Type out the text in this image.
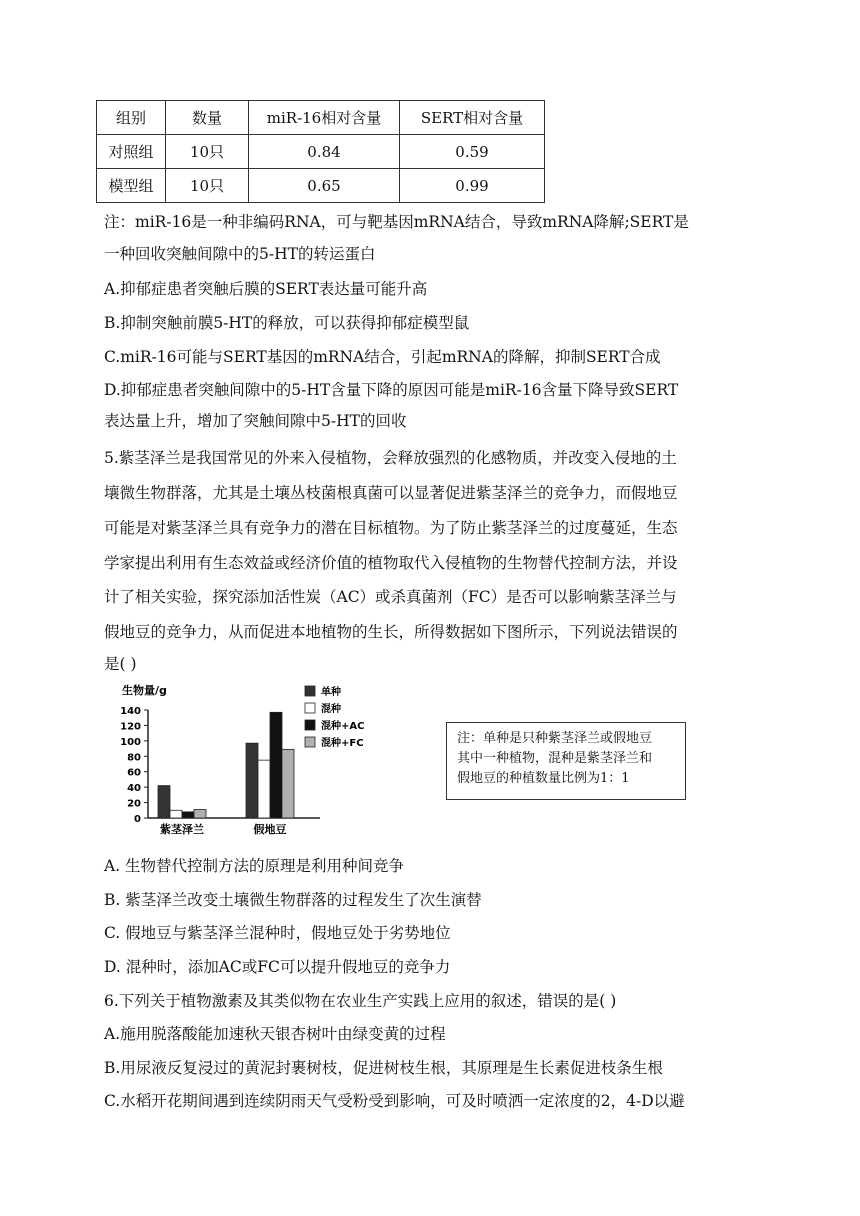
组别	数量	miR-16相对含量	SERT相对含量
对照组	10只	0.84	0.59
模型组	10只	0.65	0.99
注：miR-16是一种非编码RNA，可与靶基因mRNA结合，导致mRNA降解;SERT是
一种回收突触间隙中的5-HT的转运蛋白
A.抑郁症患者突触后膜的SERT表达量可能升高
B.抑制突触前膜5-HT的释放，可以获得抑郁症模型鼠
C.miR-16可能与SERT基因的mRNA结合，引起mRNA的降解，抑制SERT合成
D.抑郁症患者突触间隙中的5-HT含量下降的原因可能是miR-16含量下降导致SERT
表达量上升，增加了突触间隙中5-HT的回收
5.紫茎泽兰是我国常见的外来入侵植物，会释放强烈的化感物质，并改变入侵地的土
壤微生物群落，尤其是土壤丛枝菌根真菌可以显著促进紫茎泽兰的竞争力，而假地豆
可能是对紫茎泽兰具有竞争力的潜在目标植物。为了防止紫茎泽兰的过度蔓延，生态
学家提出利用有生态效益或经济价值的植物取代入侵植物的生物替代控制方法，并设
计了相关实验，探究添加活性炭（AC）或杀真菌剂（FC）是否可以影响紫茎泽兰与
假地豆的竞争力，从而促进本地植物的生长，所得数据如下图所示，下列说法错误的
是( )
生物量/g
0
20
40
60
80
100
120
140
紫茎泽兰	假地豆
单种
混种
混种+AC
混种+FC	注：单种是只种紫茎泽兰或假地豆
其中一种植物，混种是紫茎泽兰和
假地豆的种植数量比例为1：1
A. 生物替代控制方法的原理是利用种间竞争
B. 紫茎泽兰改变土壤微生物群落的过程发生了次生演替
C. 假地豆与紫茎泽兰混种时，假地豆处于劣势地位
D. 混种时，添加AC或FC可以提升假地豆的竞争力
6.下列关于植物激素及其类似物在农业生产实践上应用的叙述，错误的是( )
A.施用脱落酸能加速秋天银杏树叶由绿变黄的过程
B.用尿液反复浸过的黄泥封裹树枝，促进树枝生根，其原理是生长素促进枝条生根
C.水稻开花期间遇到连续阴雨天气受粉受到影响，可及时喷洒一定浓度的2，4-D以避
